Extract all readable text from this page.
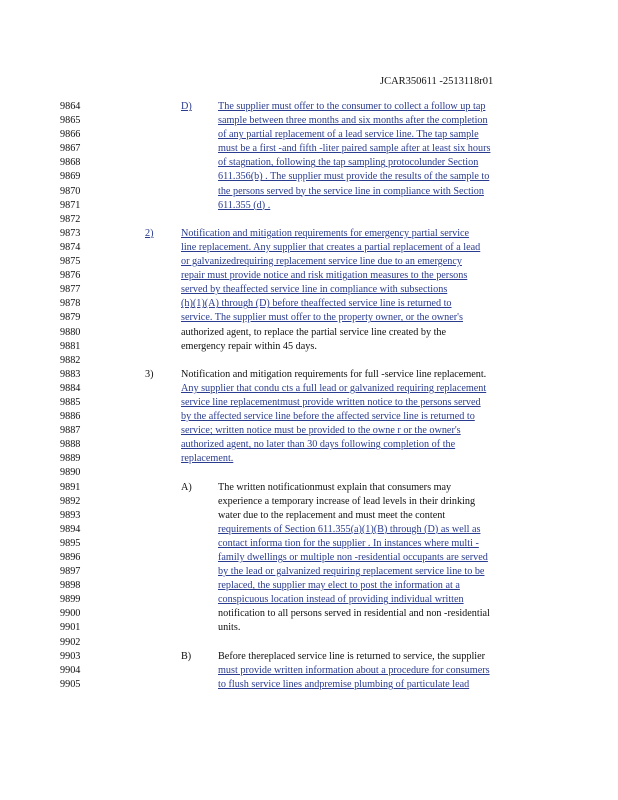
JCAR350611 -2513118r01
9864	D)	The supplier must offer to the consumer to collect a follow up tap
9865	sample between three months and six months after the completion
9866	of any partial replacement of a lead service line. The tap sample
9867	must be a first -and fifth -liter paired sample after at least six hours
9868	of stagnation, following the tap sampling protocolunder Section
9869	611.356(b) . The supplier must provide the results of the sample to
9870	the persons served by the service line in compliance with Section
9871	611.355 (d) .
9872
9873	2)	Notification and mitigation requirements for emergency partial service
9874	line replacement. Any supplier that creates a partial replacement of a lead
9875	or galvanizedrequiring replacement service line due to an emergency
9876	repair must provide notice and risk mitigation measures to the persons
9877	served by theaffected service line in compliance with subsections
9878	(h)(1)(A) through (D) before theaffected service line is returned to
9879	service. The supplier must offer to the property owner, or the owner's
9880	authorized agent, to replace the partial service line created by the
9881	emergency repair within 45 days.
9882
9883	3)	Notification and mitigation requirements for full -service line replacement.
9884	Any supplier that condu cts a full lead or galvanized requiring replacement
9885	service line replacementmust provide written notice to the persons served
9886	by the affected service line before the affected service line is returned to
9887	service; written notice must be provided to the owne r or the owner's
9888	authorized agent, no later than 30 days following completion of the
9889	replacement.
9890
9891	A)	The written notificationmust explain that consumers may
9892	experience a temporary increase of lead levels in their drinking
9893	water due to the replacement and must meet the content
9894	requirements of Section 611.355(a)(1)(B) through (D) as well as
9895	contact informa tion for the supplier . In instances where multi -
9896	family dwellings or multiple non -residential occupants are served
9897	by the lead or galvanized requiring replacement service line to be
9898	replaced, the supplier may elect to post the information at a
9899	conspicuous location instead of providing individual written
9900	notification to all persons served in residential and non -residential
9901	units.
9902
9903	B)	Before thereplaced service line is returned to service, the supplier
9904	must provide written information about a procedure for consumers
9905	to flush service lines andpremise plumbing of particulate lead
